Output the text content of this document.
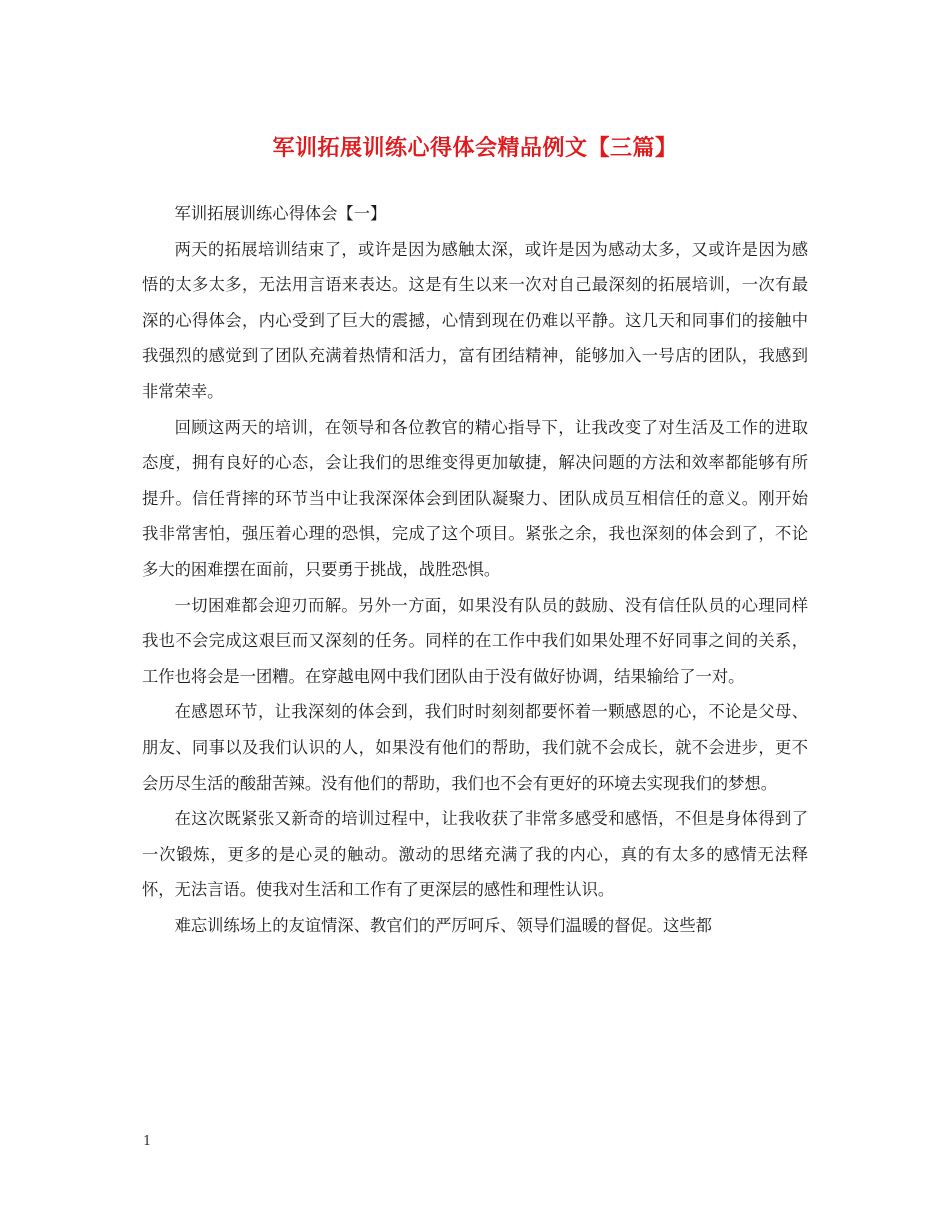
军训拓展训练心得体会精品例文【三篇】

军训拓展训练心得体会【一】

两天的拓展培训结束了，或许是因为感触太深，或许是因为感动太多，又或许是因为感悟的太多太多，无法用言语来表达。这是有生以来一次对自己最深刻的拓展培训，一次有最深的心得体会，内心受到了巨大的震撼，心情到现在仍难以平静。这几天和同事们的接触中我强烈的感觉到了团队充满着热情和活力，富有团结精神，能够加入一号店的团队，我感到非常荣幸。

回顾这两天的培训，在领导和各位教官的精心指导下，让我改变了对生活及工作的进取态度，拥有良好的心态，会让我们的思维变得更加敏捷，解决问题的方法和效率都能够有所提升。信任背摔的环节当中让我深深体会到团队凝聚力、团队成员互相信任的意义。刚开始我非常害怕，强压着心理的恐惧，完成了这个项目。紧张之余，我也深刻的体会到了，不论多大的困难摆在面前，只要勇于挑战，战胜恐惧。

一切困难都会迎刃而解。另外一方面，如果没有队员的鼓励、没有信任队员的心理同样我也不会完成这艰巨而又深刻的任务。同样的在工作中我们如果处理不好同事之间的关系，工作也将会是一团糟。在穿越电网中我们团队由于没有做好协调，结果输给了一对。

在感恩环节，让我深刻的体会到，我们时时刻刻都要怀着一颗感恩的心，不论是父母、朋友、同事以及我们认识的人，如果没有他们的帮助，我们就不会成长，就不会进步，更不会历尽生活的酸甜苦辣。没有他们的帮助，我们也不会有更好的环境去实现我们的梦想。

在这次既紧张又新奇的培训过程中，让我收获了非常多感受和感悟，不但是身体得到了一次锻炼，更多的是心灵的触动。激动的思绪充满了我的内心，真的有太多的感情无法释怀，无法言语。使我对生活和工作有了更深层的感性和理性认识。

难忘训练场上的友谊情深、教官们的严厉呵斥、领导们温暖的督促。这些都

1
